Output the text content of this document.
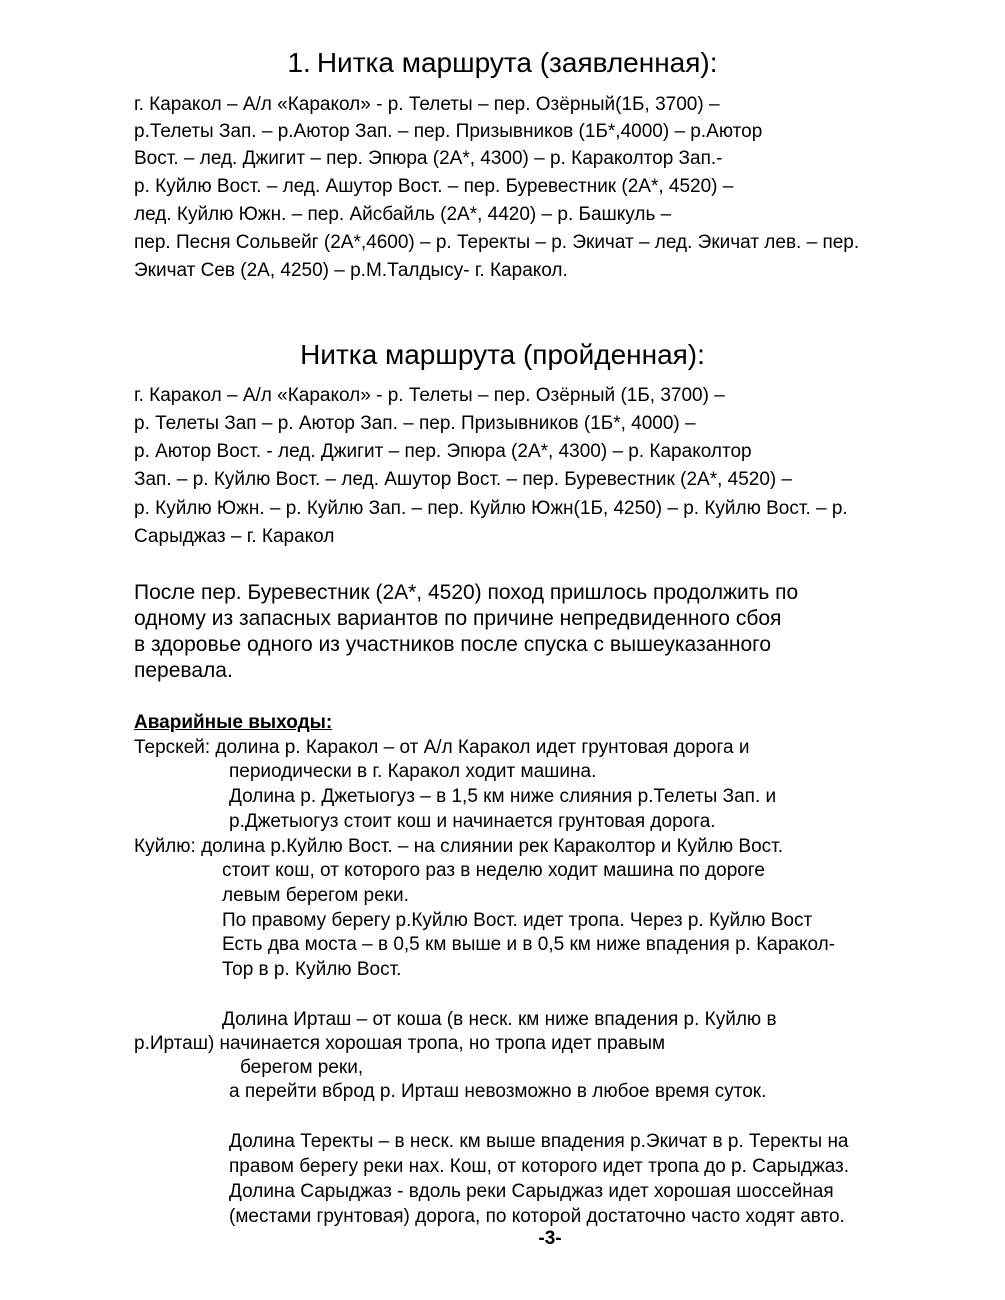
1. Нитка маршрута (заявленная):
г. Каракол – А/л «Каракол» - р. Телеты – пер. Озёрный(1Б, 3700) –
р.Телеты Зап. – р.Аютор Зап. – пер. Призывников (1Б*,4000) – р.Аютор
Вост. – лед. Джигит – пер. Эпюра (2А*, 4300) – р. Караколтор Зап.-
р. Куйлю Вост. – лед. Ашутор Вост. – пер. Буревестник (2А*, 4520) –
лед. Куйлю Южн. – пер. Айсбайль (2А*, 4420) – р. Башкуль –
пер. Песня Сольвейг (2А*,4600) – р. Теректы – р. Экичат – лед. Экичат лев. – пер.
Экичат Сев (2А, 4250) – р.М.Талдысу- г. Каракол.
Нитка маршрута (пройденная):
г. Каракол – А/л «Каракол» - р. Телеты – пер. Озёрный (1Б, 3700) –
р. Телеты Зап – р. Аютор Зап. – пер. Призывников (1Б*, 4000) –
р. Аютор Вост. - лед. Джигит – пер. Эпюра (2А*, 4300) – р. Караколтор
Зап. – р. Куйлю Вост. – лед. Ашутор Вост. – пер. Буревестник (2А*, 4520) –
р. Куйлю Южн. – р. Куйлю Зап. – пер. Куйлю Южн(1Б, 4250) – р. Куйлю Вост. – р.
Сарыджаз – г. Каракол
После пер. Буревестник (2А*, 4520) поход пришлось продолжить по
одному из запасных вариантов по причине непредвиденного сбоя
в здоровье одного из участников после спуска с вышеуказанного
перевала.
Аварийные выходы:
Терскей: долина р. Каракол – от А/л Каракол идет грунтовая дорога и
периодически в г. Каракол ходит машина.
Долина р. Джетыогуз – в 1,5 км ниже слияния р.Телеты Зап. и
р.Джетыогуз стоит кош и начинается грунтовая дорога.
Куйлю: долина р.Куйлю Вост. – на слиянии рек Караколтор и Куйлю Вост.
стоит кош, от которого раз в неделю ходит машина по дороге
левым берегом реки.
По правому берегу р.Куйлю Вост. идет тропа. Через р. Куйлю Вост
Есть два моста – в 0,5 км выше и в 0,5 км ниже впадения р. Каракол-
Тор в р. Куйлю Вост.
Долина Ирташ – от коша (в неск. км ниже впадения р. Куйлю в
р.Ирташ) начинается хорошая тропа, но тропа идет правым
берегом реки,
а перейти вброд р. Ирташ невозможно в любое время суток.
Долина Теректы – в неск. км выше впадения р.Экичат в р. Теректы на
правом берегу реки нах. Кош, от которого идет тропа до р. Сарыджаз.
Долина Сарыджаз - вдоль реки Сарыджаз идет хорошая шоссейная
(местами грунтовая) дорога, по которой достаточно часто ходят авто.
-3-
